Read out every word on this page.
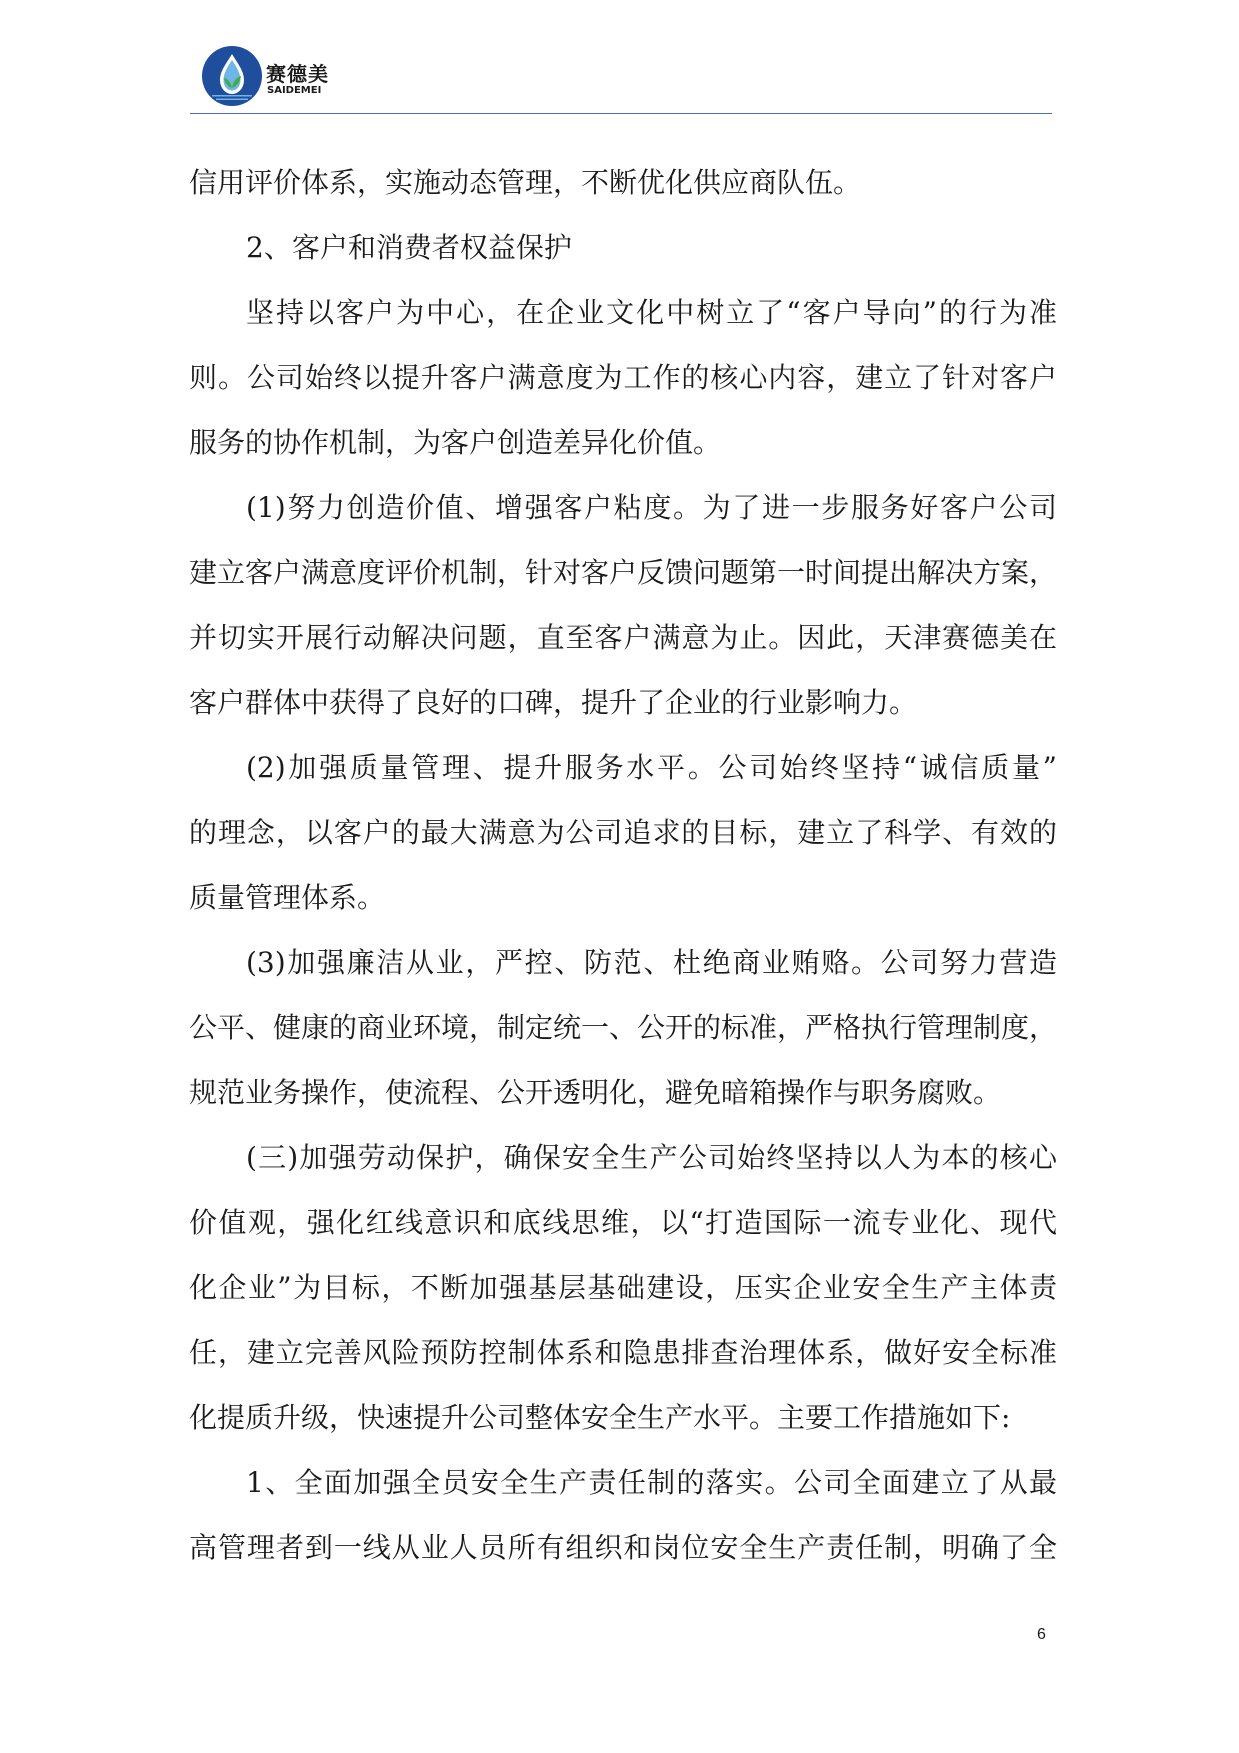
赛德美
SAIDEMEI
信用评价体系，实施动态管理，不断优化供应商队伍。
2、客户和消费者权益保护
坚持以客户为中心，在企业文化中树立了“客户导向”的行为准
则。公司始终以提升客户满意度为工作的核心内容，建立了针对客户
服务的协作机制，为客户创造差异化价值。
(1)努力创造价值、增强客户粘度。为了进一步服务好客户公司
建立客户满意度评价机制，针对客户反馈问题第一时间提出解决方案，
并切实开展行动解决问题，直至客户满意为止。因此，天津赛德美在
客户群体中获得了良好的口碑，提升了企业的行业影响力。
(2)加强质量管理、提升服务水平。公司始终坚持“诚信质量”
的理念，以客户的最大满意为公司追求的目标，建立了科学、有效的
质量管理体系。
(3)加强廉洁从业，严控、防范、杜绝商业贿赂。公司努力营造
公平、健康的商业环境，制定统一、公开的标准，严格执行管理制度，
规范业务操作，使流程、公开透明化，避免暗箱操作与职务腐败。
(三)加强劳动保护，确保安全生产公司始终坚持以人为本的核心
价值观，强化红线意识和底线思维，以“打造国际一流专业化、现代
化企业”为目标，不断加强基层基础建设，压实企业安全生产主体责
任，建立完善风险预防控制体系和隐患排查治理体系，做好安全标准
化提质升级，快速提升公司整体安全生产水平。主要工作措施如下:
1、全面加强全员安全生产责任制的落实。公司全面建立了从最
高管理者到一线从业人员所有组织和岗位安全生产责任制，明确了全
6
